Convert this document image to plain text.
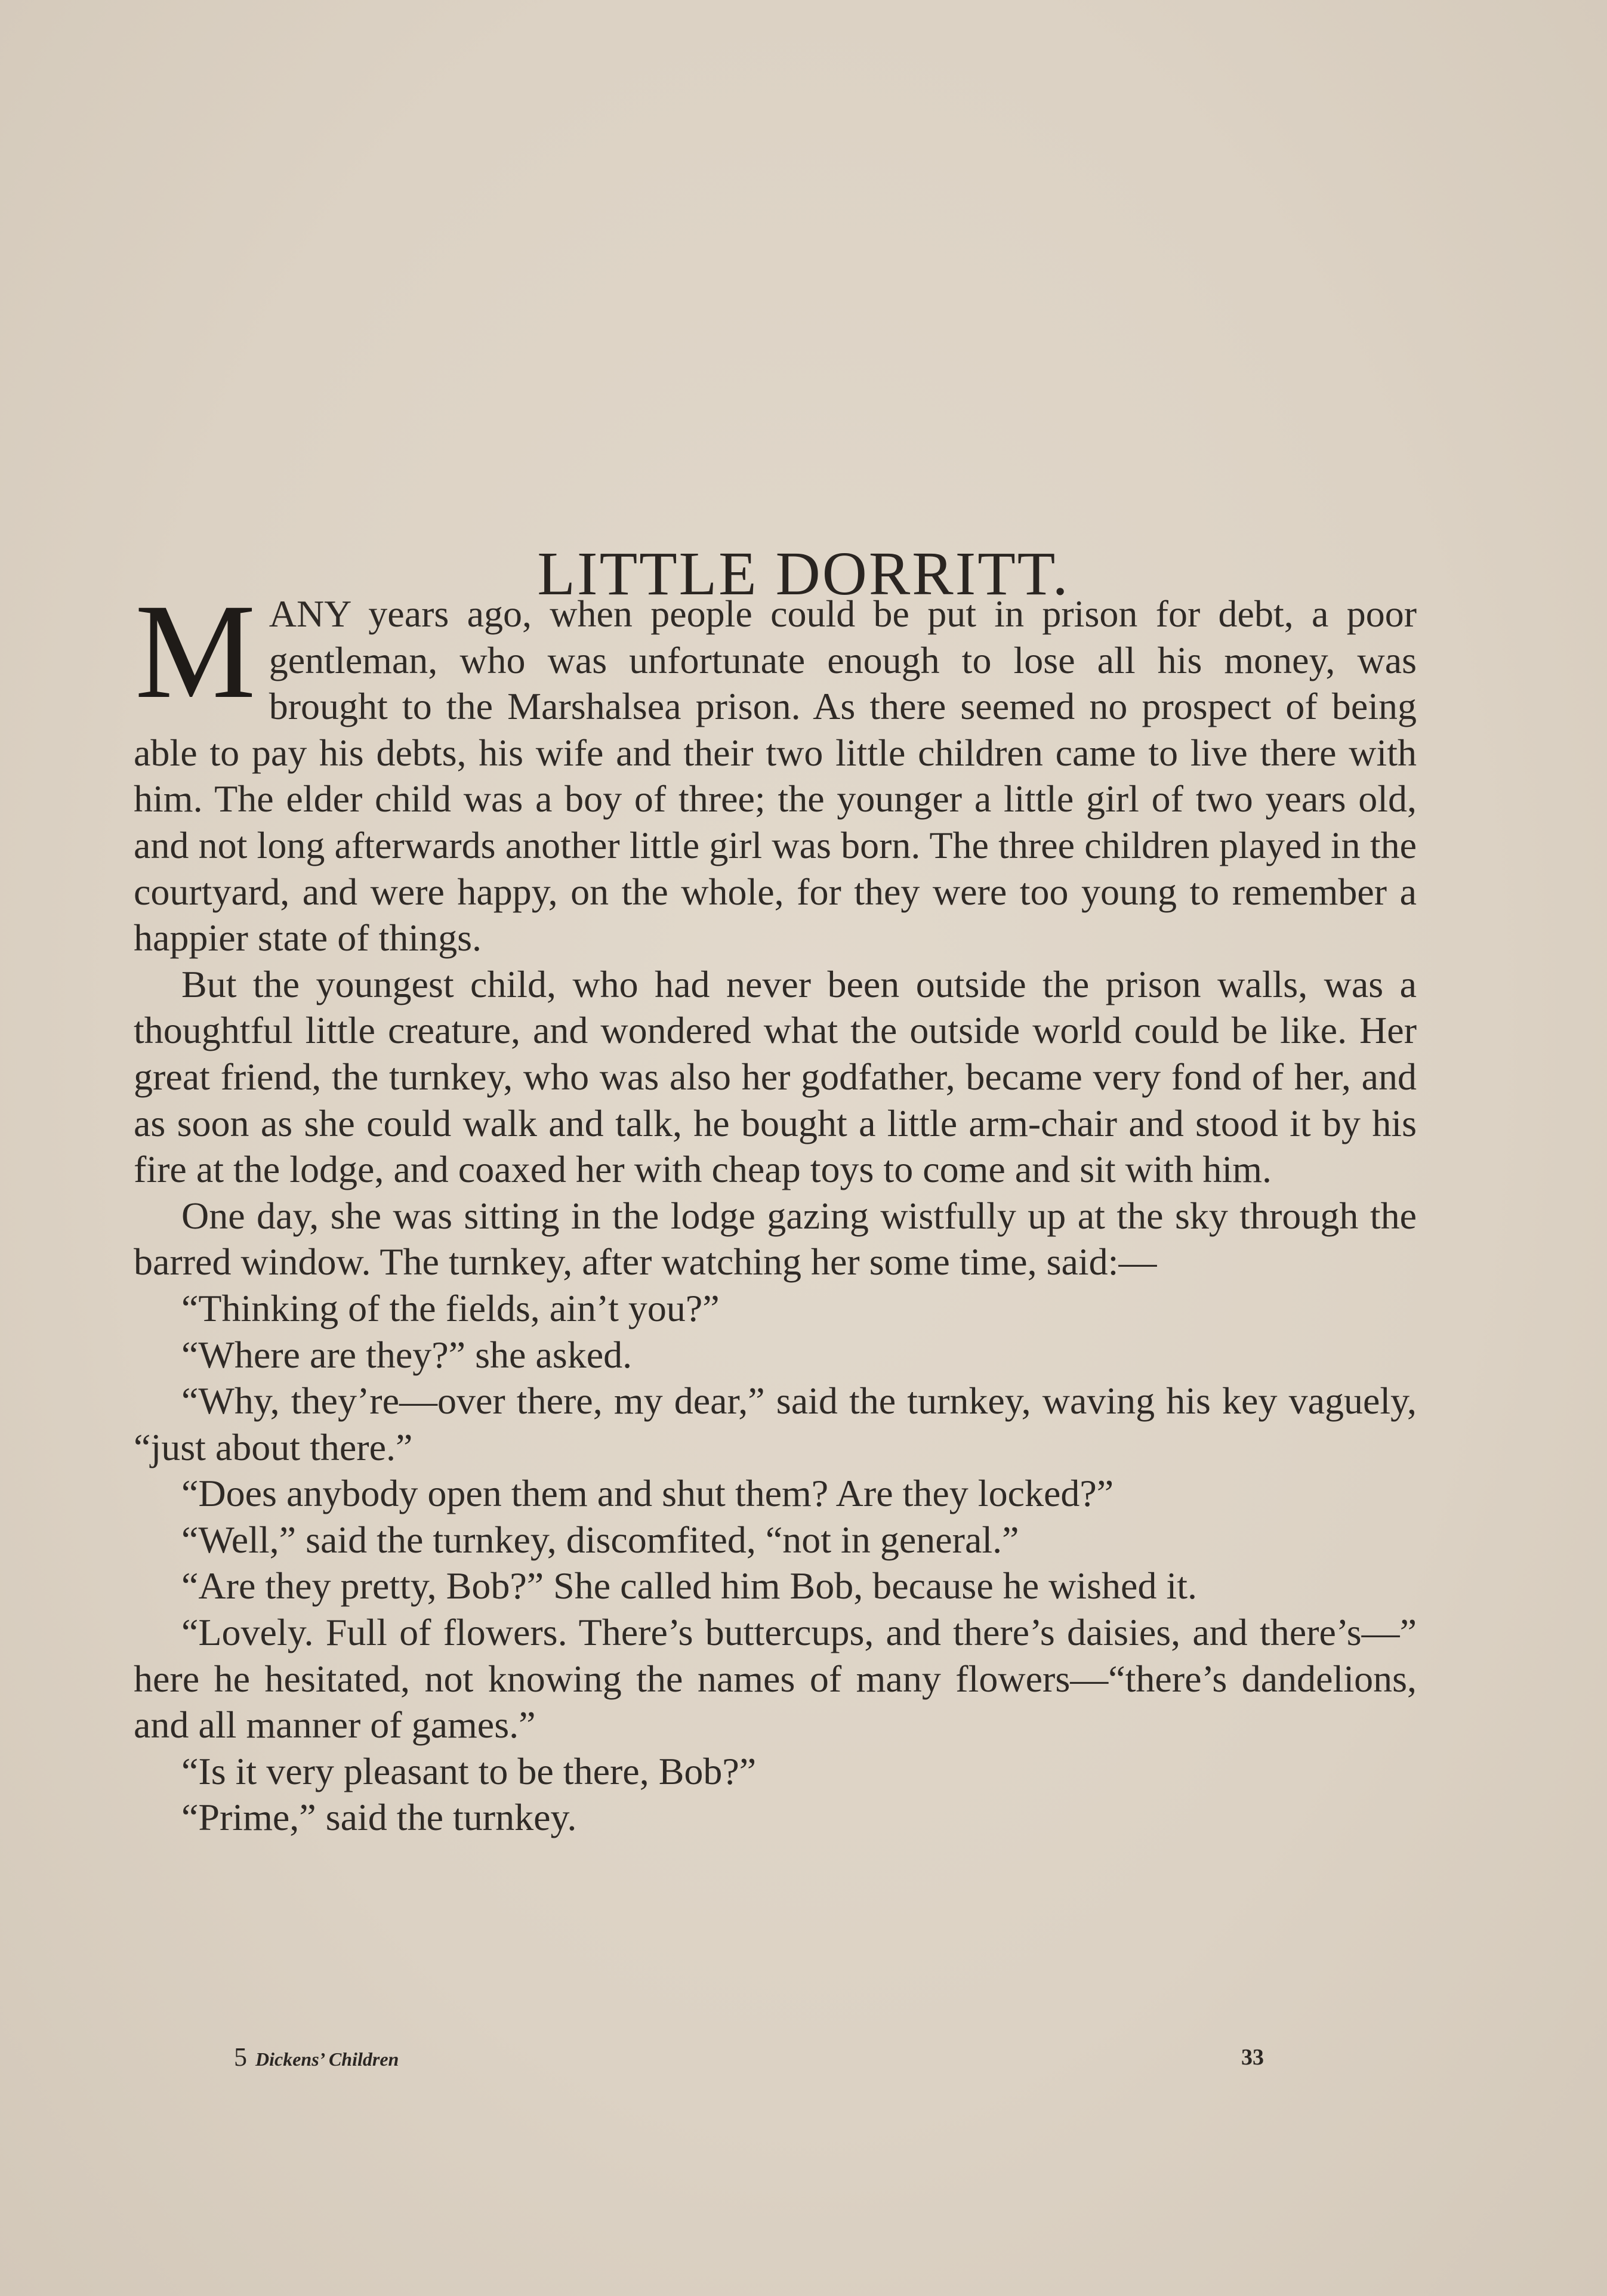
LITTLE DORRITT.

MANY years ago, when people could be put in prison for debt, a poor gentleman, who was unfortunate enough to lose all his money, was brought to the Marshalsea prison. As there seemed no prospect of being able to pay his debts, his wife and their two little children came to live there with him. The elder child was a boy of three; the younger a little girl of two years old, and not long afterwards another little girl was born. The three children played in the courtyard, and were happy, on the whole, for they were too young to remember a happier state of things.

But the youngest child, who had never been outside the prison walls, was a thoughtful little creature, and wondered what the outside world could be like. Her great friend, the turnkey, who was also her godfather, became very fond of her, and as soon as she could walk and talk, he bought a little arm-chair and stood it by his fire at the lodge, and coaxed her with cheap toys to come and sit with him.

One day, she was sitting in the lodge gazing wistfully up at the sky through the barred window. The turnkey, after watching her some time, said:—

“Thinking of the fields, ain’t you?”

“Where are they?” she asked.

“Why, they’re—over there, my dear,” said the turnkey, waving his key vaguely, “just about there.”

“Does anybody open them and shut them? Are they locked?”

“Well,” said the turnkey, discomfited, “not in general.”

“Are they pretty, Bob?” She called him Bob, because he wished it.

“Lovely. Full of flowers. There’s buttercups, and there’s daisies, and there’s—” here he hesitated, not knowing the names of many flowers—“there’s dandelions, and all manner of games.”

“Is it very pleasant to be there, Bob?”

“Prime,” said the turnkey.

5 Dickens’ Children	33
